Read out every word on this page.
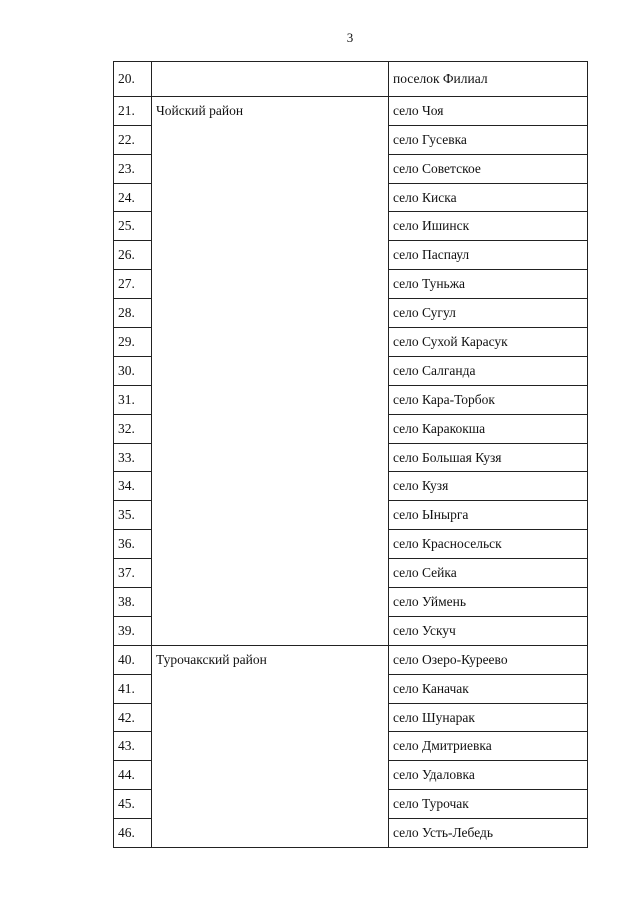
3
20.		поселок Филиал
21.	Чойский район	село Чоя
22.		село Гусевка
23.		село Советское
24.		село Киска
25.		село Ишинск
26.		село Паспаул
27.		село Туньжа
28.		село Сугул
29.		село Сухой Карасук
30.		село Салганда
31.		село Кара-Торбок
32.		село Каракокша
33.		село Большая Кузя
34.		село Кузя
35.		село Ынырга
36.		село Красносельск
37.		село Сейка
38.		село Уймень
39.		село Ускуч
40.	Турочакский район	село Озеро-Куреево
41.		село Каначак
42.		село Шунарак
43.		село Дмитриевка
44.		село Удаловка
45.		село Турочак
46.		село Усть-Лебедь
